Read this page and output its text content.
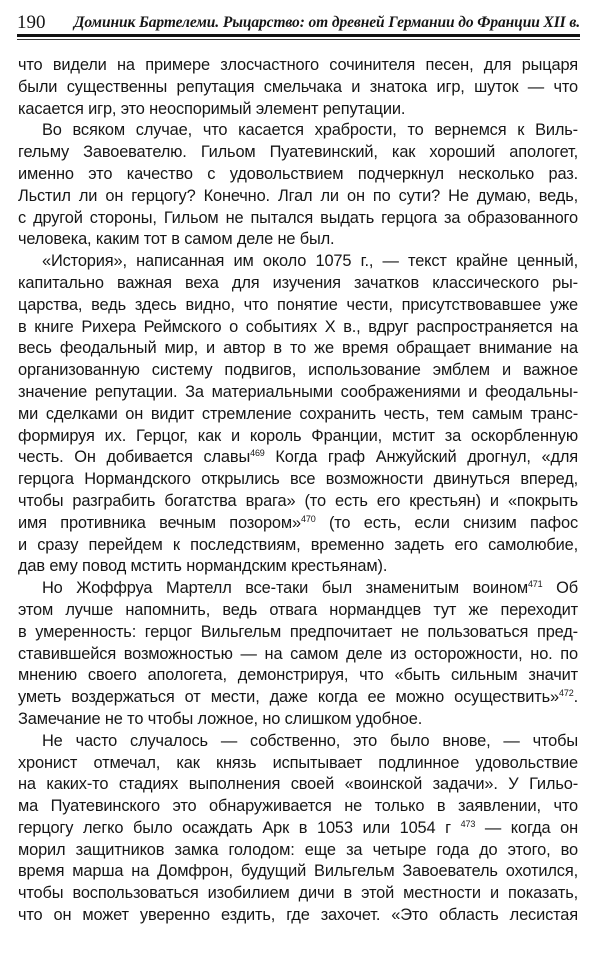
190 Доминик Бартелеми. Рыцарство: от древней Германии до Франции XII в.
что видели на примере злосчастного сочинителя песен, для рыцаря
были существенны репутация смельчака и знатока игр, шуток — что
касается игр, это неоспоримый элемент репутации.
Во всяком случае, что касается храбрости, то вернемся к Виль-
гельму Завоевателю. Гильом Пуатевинский, как хороший апологет,
именно это качество с удовольствием подчеркнул несколько раз.
Льстил ли он герцогу? Конечно. Лгал ли он по сути? Не думаю, ведь,
с другой стороны, Гильом не пытался выдать герцога за образованного
человека, каким тот в самом деле не был.
«История», написанная им около 1075 г., — текст крайне ценный,
капитально важная веха для изучения зачатков классического ры-
царства, ведь здесь видно, что понятие чести, присутствовавшее уже
в книге Рихера Реймского о событиях X в., вдруг распространяется на
весь феодальный мир, и автор в то же время обращает внимание на
организованную систему подвигов, использование эмблем и важное
значение репутации. За материальными соображениями и феодальны-
ми сделками он видит стремление сохранить честь, тем самым транс-
формируя их. Герцог, как и король Франции, мстит за оскорбленную
честь. Он добивается славы$^{469}$ Когда граф Анжуйский дрогнул, «для
герцога Нормандского открылись все возможности двинуться вперед,
чтобы разграбить богатства врага» (то есть его крестьян) и «покрыть
имя противника вечным позором»$^{470}$ (то есть, если снизим пафос
и сразу перейдем к последствиям, временно задеть его самолюбие,
дав ему повод мстить нормандским крестьянам).
Но Жоффруа Мартелл все-таки был знаменитым воином$^{471}$ Об
этом лучше напомнить, ведь отвага нормандцев тут же переходит
в умеренность: герцог Вильгельм предпочитает не пользоваться пред-
ставившейся возможностью — на самом деле из осторожности, но. по
мнению своего апологета, демонстрируя, что «быть сильным значит
уметь воздержаться от мести, даже когда ее можно осуществить»$^{472}$.
Замечание не то чтобы ложное, но слишком удобное.
Не часто случалось — собственно, это было внове, — чтобы
хронист отмечал, как князь испытывает подлинное удовольствие
на каких-то стадиях выполнения своей «воинской задачи». У Гильо-
ма Пуатевинского это обнаруживается не только в заявлении, что
герцогу легко было осаждать Арк в 1053 или 1054 г $^{473}$ — когда он
морил защитников замка голодом: еще за четыре года до этого, во
время марша на Домфрон, будущий Вильгельм Завоеватель охотился,
чтобы воспользоваться изобилием дичи в этой местности и показать,
что он может уверенно ездить, где захочет. «Это область лесистая
